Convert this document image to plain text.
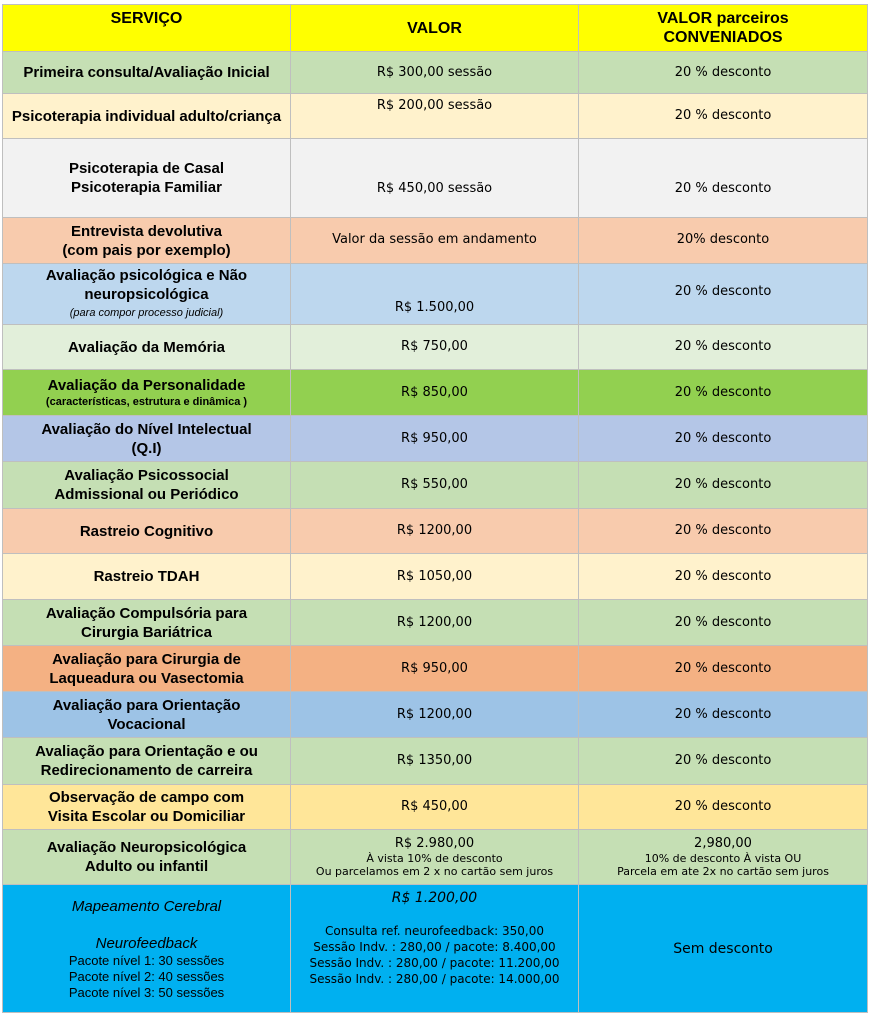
SERVIÇO	VALOR	VALOR parceiros
CONVENIADOS

Primeira consulta/Avaliação Inicial	R$ 300,00 sessão	20 % desconto
Psicoterapia individual adulto/criança	R$ 200,00 sessão	20 % desconto

Psicoterapia de Casal
Psicoterapia Familiar	R$ 450,00 sessão	20 % desconto

Entrevista devolutiva
(com pais por exemplo)	Valor da sessão em andamento	20% desconto

Avaliação psicológica e Não neuropsicológica
(para compor processo judicial)	R$ 1.500,00	20 % desconto
Avaliação da Memória	R$ 750,00	20 % desconto

Avaliação da Personalidade
(características, estrutura e dinâmica )	R$ 850,00	20 % desconto

Avaliação do Nível Intelectual
(Q.I)	R$ 950,00	20 % desconto

Avaliação Psicossocial
Admissional ou Periódico	R$ 550,00	20 % desconto
Rastreio Cognitivo	R$ 1200,00	20 % desconto
Rastreio TDAH	R$ 1050,00	20 % desconto

Avaliação Compulsória para
Cirurgia Bariátrica	R$ 1200,00	20 % desconto

Avaliação para Cirurgia de
Laqueadura ou Vasectomia	R$ 950,00	20 % desconto

Avaliação para Orientação
Vocacional	R$ 1200,00	20 % desconto

Avaliação para Orientação e ou
Redirecionamento de carreira	R$ 1350,00	20 % desconto

Observação de campo com
Visita Escolar ou Domiciliar	R$ 450,00	20 % desconto

Avaliação Neuropsicológica
Adulto ou infantil	R$ 2.980,00
À vista 10% de desconto
Ou parcelamos em 2 x no cartão sem juros	2,980,00
10% de desconto À vista OU
Parcela em ate 2x no cartão sem juros

Mapeamento Cerebral
Neurofeedback
Pacote nível 1: 30 sessões
Pacote nível 2: 40 sessões
Pacote nível 3: 50 sessões	R$ 1.200,00
Consulta ref. neurofeedback: 350,00
Sessão Indv. : 280,00 / pacote: 8.400,00
Sessão Indv. : 280,00 / pacote: 11.200,00
Sessão Indv. : 280,00 / pacote: 14.000,00	Sem desconto
